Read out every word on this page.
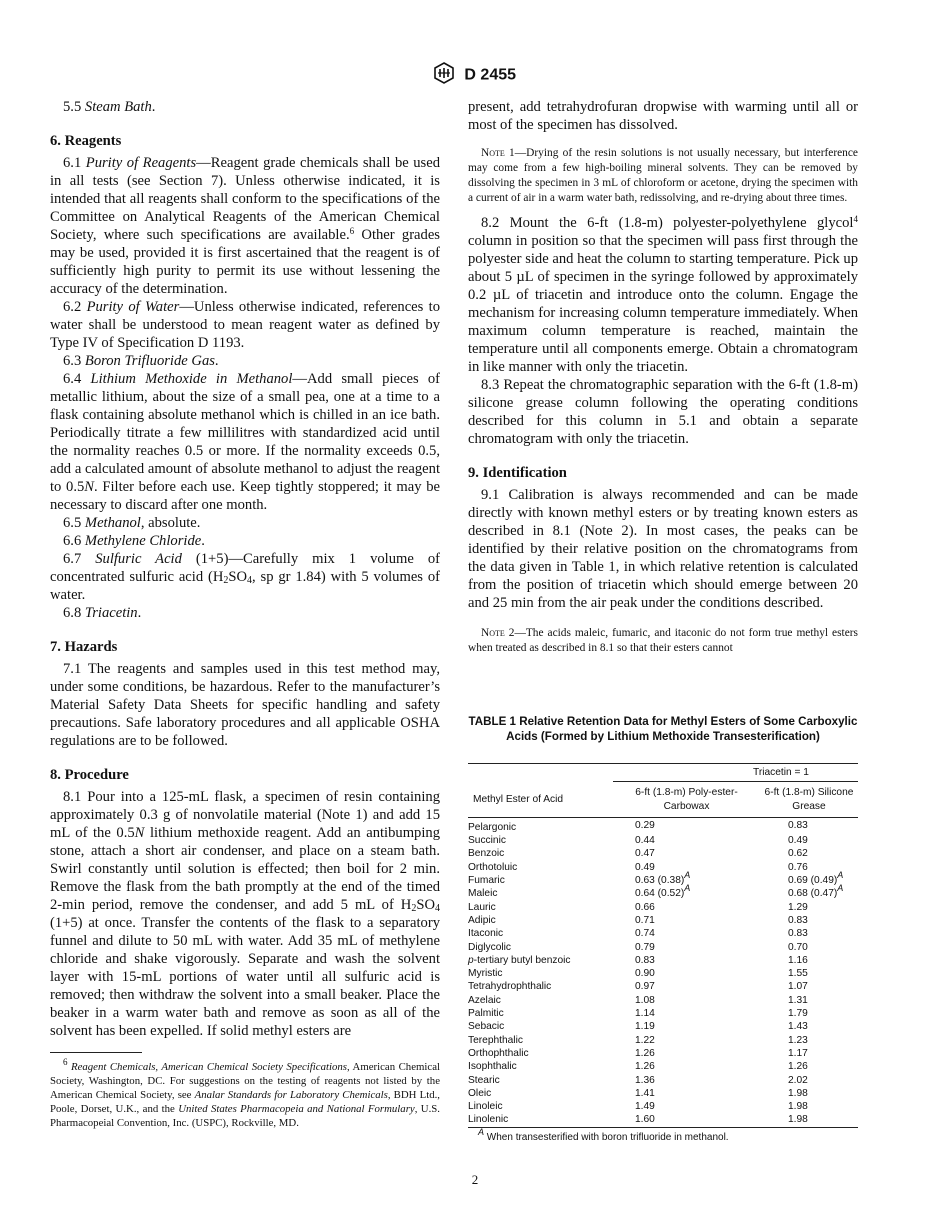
D 2455

5.5 Steam Bath.

6. Reagents

6.1 Purity of Reagents—Reagent grade chemicals shall be used in all tests (see Section 7). Unless otherwise indicated, it is intended that all reagents shall conform to the specifications of the Committee on Analytical Reagents of the American Chemical Society, where such specifications are available.$^6$ Other grades may be used, provided it is first ascertained that the reagent is of sufficiently high purity to permit its use without lessening the accuracy of the determination.

6.2 Purity of Water—Unless otherwise indicated, references to water shall be understood to mean reagent water as defined by Type IV of Specification D 1193.

6.3 Boron Trifluoride Gas.

6.4 Lithium Methoxide in Methanol—Add small pieces of metallic lithium, about the size of a small pea, one at a time to a flask containing absolute methanol which is chilled in an ice bath. Periodically titrate a few millilitres with standardized acid until the normality reaches 0.5 or more. If the normality exceeds 0.5, add a calculated amount of absolute methanol to adjust the reagent to 0.5N. Filter before each use. Keep tightly stoppered; it may be necessary to discard after one month.

6.5 Methanol, absolute.

6.6 Methylene Chloride.

6.7 Sulfuric Acid (1+5)—Carefully mix 1 volume of concentrated sulfuric acid ($H_2SO_4$, sp gr 1.84) with 5 volumes of water.

6.8 Triacetin.

7. Hazards

7.1 The reagents and samples used in this test method may, under some conditions, be hazardous. Refer to the manufacturer’s Material Safety Data Sheets for specific handling and safety precautions. Safe laboratory procedures and all applicable OSHA regulations are to be followed.

8. Procedure

8.1 Pour into a 125-mL flask, a specimen of resin containing approximately 0.3 g of nonvolatile material (Note 1) and add 15 mL of the 0.5N lithium methoxide reagent. Add an antibumping stone, attach a short air condenser, and place on a steam bath. Swirl constantly until solution is effected; then boil for 2 min. Remove the flask from the bath promptly at the end of the timed 2-min period, remove the condenser, and add 5 mL of $H_2SO_4$ (1+5) at once. Transfer the contents of the flask to a separatory funnel and dilute to 50 mL with water. Add 35 mL of methylene chloride and shake vigorously. Separate and wash the solvent layer with 15-mL portions of water until all sulfuric acid is removed; then withdraw the solvent into a small beaker. Place the beaker in a warm water bath and remove as soon as all of the solvent has been expelled. If solid methyl esters are

$^6$ Reagent Chemicals, American Chemical Society Specifications, American Chemical Society, Washington, DC. For suggestions on the testing of reagents not listed by the American Chemical Society, see Analar Standards for Laboratory Chemicals, BDH Ltd., Poole, Dorset, U.K., and the United States Pharmacopeia and National Formulary, U.S. Pharmacopeial Convention, Inc. (USPC), Rockville, MD.

present, add tetrahydrofuran dropwise with warming until all or most of the specimen has dissolved.

Note 1—Drying of the resin solutions is not usually necessary, but interference may come from a few high-boiling mineral solvents. They can be removed by dissolving the specimen in 3 mL of chloroform or acetone, drying the specimen with a current of air in a warm water bath, redissolving, and re-drying about three times.

8.2 Mount the 6-ft (1.8-m) polyester-polyethylene glycol$^4$ column in position so that the specimen will pass first through the polyester side and heat the column to starting temperature. Pick up about 5 µL of specimen in the syringe followed by approximately 0.2 µL of triacetin and introduce onto the column. Engage the mechanism for increasing column temperature immediately. When maximum column temperature is reached, maintain the temperature until all components emerge. Obtain a chromatogram in like manner with only the triacetin.

8.3 Repeat the chromatographic separation with the 6-ft (1.8-m) silicone grease column following the operating conditions described for this column in 5.1 and obtain a separate chromatogram with only the triacetin.

9. Identification

9.1 Calibration is always recommended and can be made directly with known methyl esters or by treating known esters as described in 8.1 (Note 2). In most cases, the peaks can be identified by their relative position on the chromatograms from the data given in Table 1, in which relative retention is calculated from the position of triacetin which should emerge between 20 and 25 min from the air peak under the conditions described.

Note 2—The acids maleic, fumaric, and itaconic do not form true methyl esters when treated as described in 8.1 so that their esters cannot

TABLE 1 Relative Retention Data for Methyl Esters of Some Carboxylic Acids (Formed by Lithium Methoxide Transesterification)
	Triacetin = 1	
Methyl Ester of Acid	6-ft (1.8-m) Poly-ester-Carbowax	6-ft (1.8-m) Silicone Grease
Pelargonic	0.29	0.83
Succinic	0.44	0.49
Benzoic	0.47	0.62
Orthotoluic	0.49	0.76
Fumaric	0.63 (0.38)A	0.69 (0.49)A
Maleic	0.64 (0.52)A	0.68 (0.47)A
Lauric	0.66	1.29
Adipic	0.71	0.83
Itaconic	0.74	0.83
Diglycolic	0.79	0.70
p-tertiary butyl benzoic	0.83	1.16
Myristic	0.90	1.55
Tetrahydrophthalic	0.97	1.07
Azelaic	1.08	1.31
Palmitic	1.14	1.79
Sebacic	1.19	1.43
Terephthalic	1.22	1.23
Orthophthalic	1.26	1.17
Isophthalic	1.26	1.26
Stearic	1.36	2.02
Oleic	1.41	1.98
Linoleic	1.49	1.98
Linolenic	1.60	1.98
A When transesterified with boron trifluoride in methanol.
2
